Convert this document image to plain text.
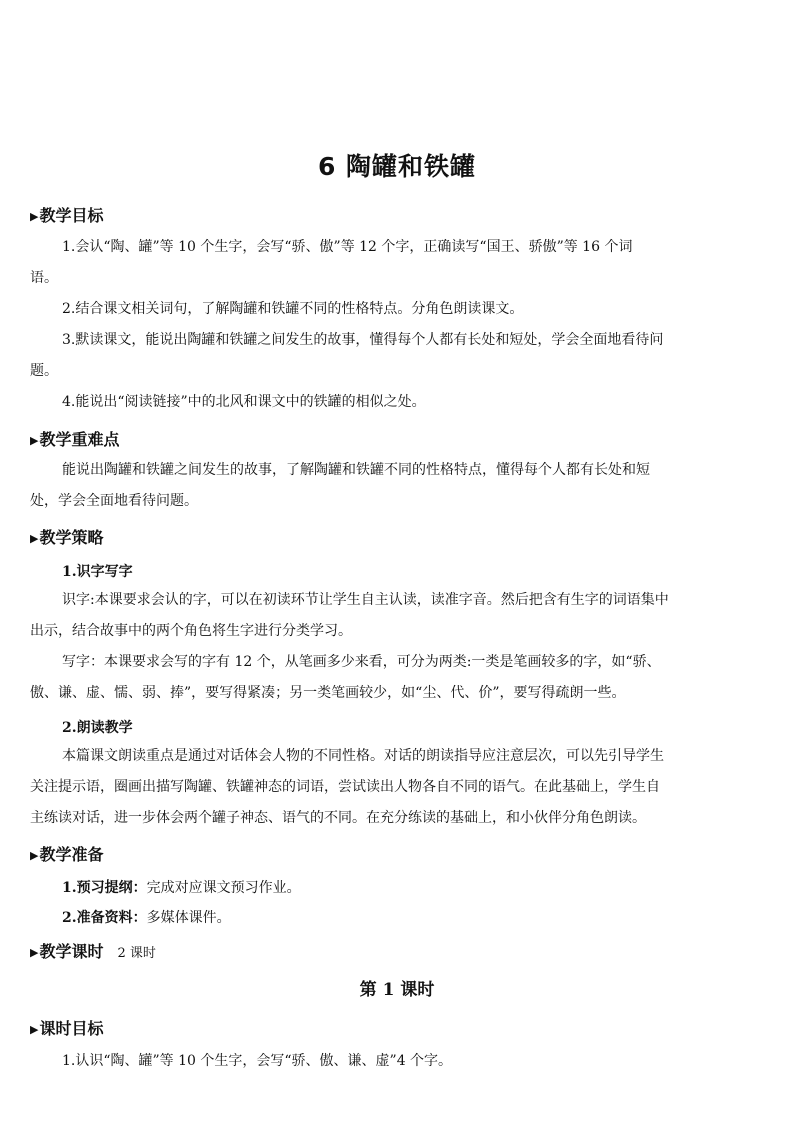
6 陶罐和铁罐
▶教学目标
1.会认“陶、罐”等 10 个生字，会写“骄、傲”等 12 个字，正确读写“国王、骄傲”等 16 个词
语。
2.结合课文相关词句，了解陶罐和铁罐不同的性格特点。分角色朗读课文。
3.默读课文，能说出陶罐和铁罐之间发生的故事，懂得每个人都有长处和短处，学会全面地看待问
题。
4.能说出“阅读链接”中的北风和课文中的铁罐的相似之处。
▶教学重难点
能说出陶罐和铁罐之间发生的故事，了解陶罐和铁罐不同的性格特点，懂得每个人都有长处和短
处，学会全面地看待问题。
▶教学策略
1.识字写字
识字:本课要求会认的字，可以在初读环节让学生自主认读，读准字音。然后把含有生字的词语集中
出示，结合故事中的两个角色将生字进行分类学习。
写字：本课要求会写的字有 12 个，从笔画多少来看，可分为两类:一类是笔画较多的字，如“骄、
傲、谦、虚、懦、弱、捧”，要写得紧凑；另一类笔画较少，如“尘、代、价”，要写得疏朗一些。
2.朗读教学
本篇课文朗读重点是通过对话体会人物的不同性格。对话的朗读指导应注意层次，可以先引导学生
关注提示语，圈画出描写陶罐、铁罐神态的词语，尝试读出人物各自不同的语气。在此基础上，学生自
主练读对话，进一步体会两个罐子神态、语气的不同。在充分练读的基础上，和小伙伴分角色朗读。
▶教学准备
1.预习提纲：完成对应课文预习作业。
2.准备资料：多媒体课件。
▶教学课时 2 课时
第 1 课时
▶课时目标
1.认识“陶、罐”等 10 个生字，会写“骄、傲、谦、虚”4 个字。
